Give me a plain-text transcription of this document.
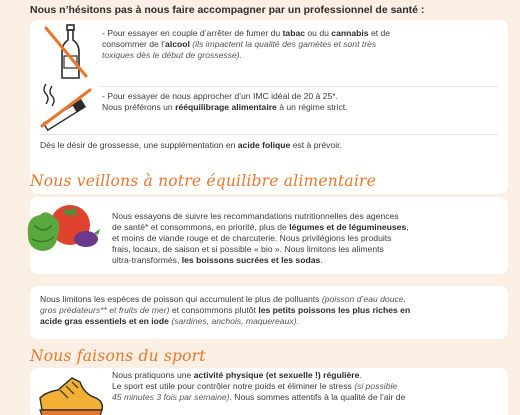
Nous n’hésitons pas à nous faire accompagner par un professionnel de santé :

- Pour essayer en couple d’arrêter de fumer du tabac ou du cannabis et de

consommer de l’alcool (ils impactent la qualité des gamètes et sont très

toxiques dès le début de grossesse).

- Pour essayer de nous approcher d’un IMC idéal de 20 à 25*.

Nous préférons un rééquilibrage alimentaire à un régime strict.

Dès le désir de grossesse, une supplémentation en acide folique est à prévoir.

Nous veillons à notre équilibre alimentaire

Nous essayons de suivre les recommandations nutritionnelles des agences

de santé* et consommons, en priorité, plus de légumes et de légumineuses,

et moins de viande rouge et de charcuterie. Nous privilégions les produits

frais, locaux, de saison et si possible « bio ». Nous limitons les aliments

ultra-transformés, les boissons sucrées et les sodas.

Nous limitons les espèces de poisson qui accumulent le plus de polluants (poisson d’eau douce,

gros prédateurs** et fruits de mer) et consommons plutôt les petits poissons les plus riches en

acide gras essentiels et en iode (sardines, anchois, maquereaux).

Nous faisons du sport

Nous pratiquons une activité physique (et sexuelle !) régulière.

Le sport est utile pour contrôler notre poids et éliminer le stress (si possible

45 minutes 3 fois par semaine). Nous sommes attentifs à la qualité de l’air de
